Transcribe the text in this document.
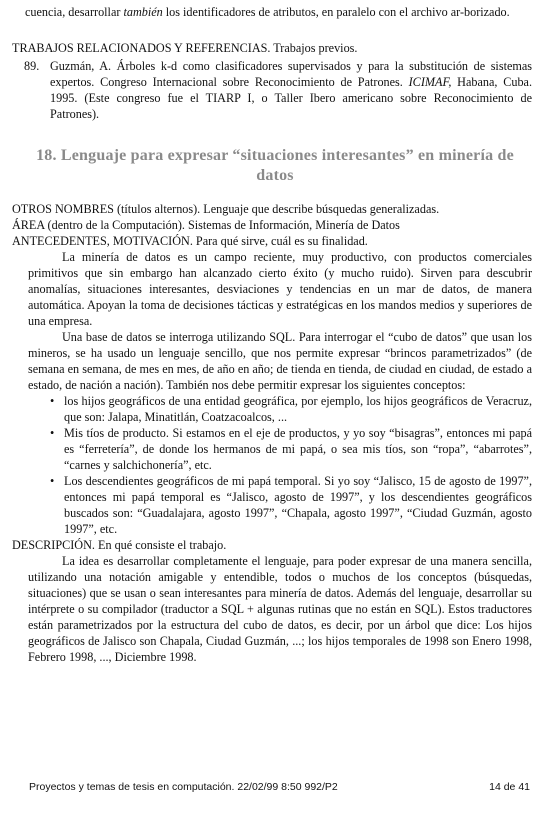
cuencia, desarrollar también los identificadores de atributos, en paralelo con el archivo ar-borizado.
TRABAJOS RELACIONADOS Y REFERENCIAS. Trabajos previos.
89. Guzmán, A. Árboles k-d como clasificadores supervisados y para la substitución de sistemas expertos. Congreso Internacional sobre Reconocimiento de Patrones. ICIMAF, Habana, Cuba. 1995. (Este congreso fue el TIARP I, o Taller Ibero americano sobre Reconocimiento de Patrones).
18. Lenguaje para expresar “situaciones interesantes” en minería de datos

OTROS NOMBRES (títulos alternos). Lenguaje que describe búsquedas generalizadas.

ÁREA (dentro de la Computación). Sistemas de Información, Minería de Datos

ANTECEDENTES, MOTIVACIÓN. Para qué sirve, cuál es su finalidad.

La minería de datos es un campo reciente, muy productivo, con productos comerciales primitivos que sin embargo han alcanzado cierto éxito (y mucho ruido). Sirven para descubrir anomalías, situaciones interesantes, desviaciones y tendencias en un mar de datos, de manera automática. Apoyan la toma de decisiones tácticas y estratégicas en los mandos medios y superiores de una empresa.

Una base de datos se interroga utilizando SQL. Para interrogar el “cubo de datos” que usan los mineros, se ha usado un lenguaje sencillo, que nos permite expresar “brincos parametrizados” (de semana en semana, de mes en mes, de año en año; de tienda en tienda, de ciudad en ciudad, de estado a estado, de nación a nación). También nos debe permitir expresar los siguientes conceptos:

• los hijos geográficos de una entidad geográfica, por ejemplo, los hijos geográficos de Veracruz, que son: Jalapa, Minatitlán, Coatzacoalcos, ...
• Mis tíos de producto. Si estamos en el eje de productos, y yo soy “bisagras”, entonces mi papá es “ferretería”, de donde los hermanos de mi papá, o sea mis tíos, son “ropa”, “abarrotes”, “carnes y salchichonería”, etc.
• Los descendientes geográficos de mi papá temporal. Si yo soy “Jalisco, 15 de agosto de 1997”, entonces mi papá temporal es “Jalisco, agosto de 1997”, y los descendientes geográficos buscados son: “Guadalajara, agosto 1997”, “Chapala, agosto 1997”, “Ciudad Guzmán, agosto 1997”, etc.

DESCRIPCIÓN. En qué consiste el trabajo.

La idea es desarrollar completamente el lenguaje, para poder expresar de una manera sencilla, utilizando una notación amigable y entendible, todos o muchos de los conceptos (búsquedas, situaciones) que se usan o sean interesantes para minería de datos. Además del lenguaje, desarrollar su intérprete o su compilador (traductor a SQL + algunas rutinas que no están en SQL). Estos traductores están parametrizados por la estructura del cubo de datos, es decir, por un árbol que dice: Los hijos geográficos de Jalisco son Chapala, Ciudad Guzmán, ...; los hijos temporales de 1998 son Enero 1998, Febrero 1998, ..., Diciembre 1998.

Proyectos y temas de tesis en computación. 22/02/99 8:50 992/P2	14 de 41
